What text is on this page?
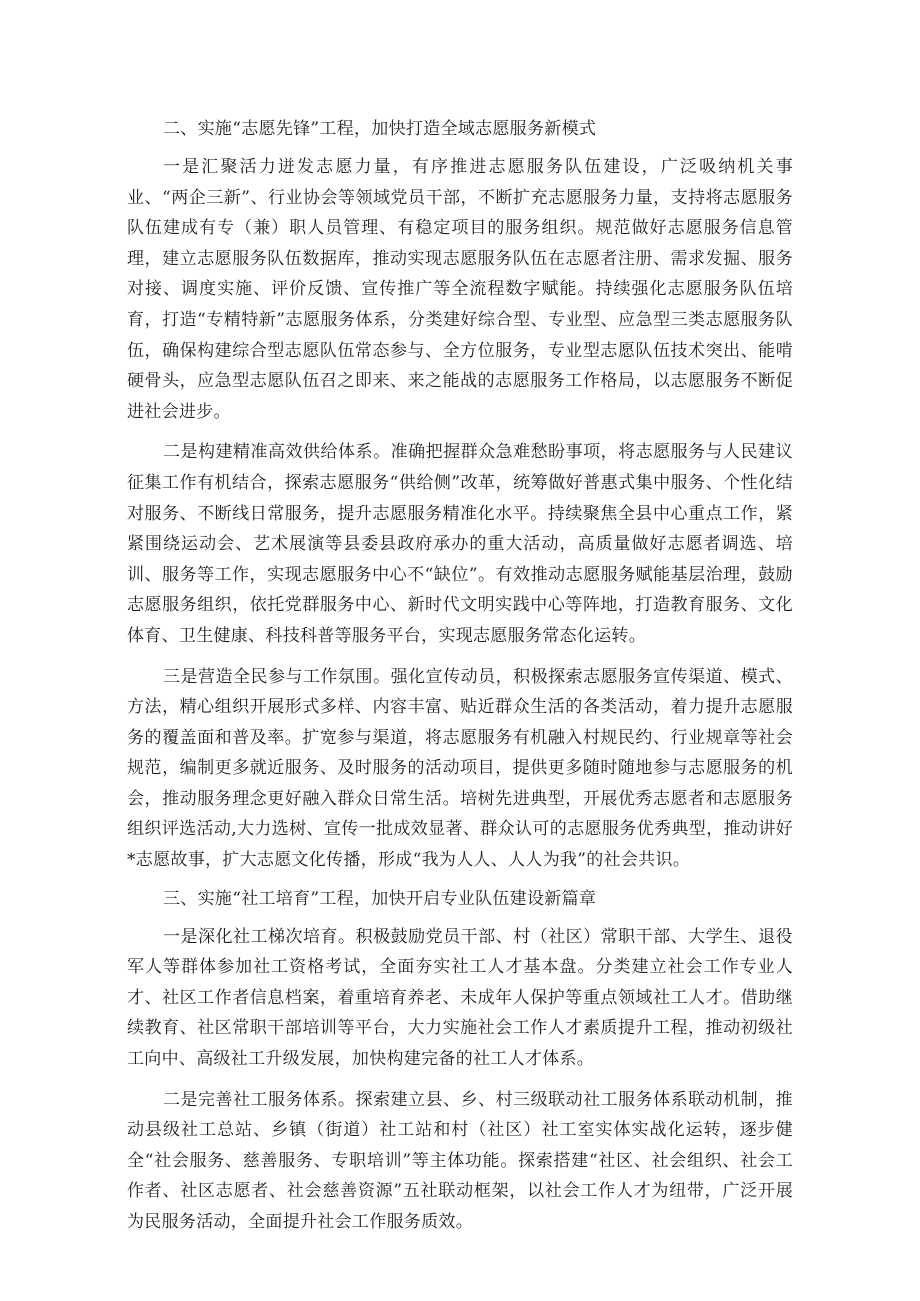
二、实施“志愿先锋”工程，加快打造全域志愿服务新模式

一是汇聚活力迸发志愿力量，有序推进志愿服务队伍建设，广泛吸纳机关事业、“两企三新”、行业协会等领域党员干部，不断扩充志愿服务力量，支持将志愿服务队伍建成有专（兼）职人员管理、有稳定项目的服务组织。规范做好志愿服务信息管理，建立志愿服务队伍数据库，推动实现志愿服务队伍在志愿者注册、需求发掘、服务对接、调度实施、评价反馈、宣传推广等全流程数字赋能。持续强化志愿服务队伍培育，打造“专精特新”志愿服务体系，分类建好综合型、专业型、应急型三类志愿服务队伍，确保构建综合型志愿队伍常态参与、全方位服务，专业型志愿队伍技术突出、能啃硬骨头，应急型志愿队伍召之即来、来之能战的志愿服务工作格局，以志愿服务不断促进社会进步。

二是构建精准高效供给体系。准确把握群众急难愁盼事项，将志愿服务与人民建议征集工作有机结合，探索志愿服务“供给侧”改革，统筹做好普惠式集中服务、个性化结对服务、不断线日常服务，提升志愿服务精准化水平。持续聚焦全县中心重点工作，紧紧围绕运动会、艺术展演等县委县政府承办的重大活动，高质量做好志愿者调选、培训、服务等工作，实现志愿服务中心不“缺位”。有效推动志愿服务赋能基层治理，鼓励志愿服务组织，依托党群服务中心、新时代文明实践中心等阵地，打造教育服务、文化体育、卫生健康、科技科普等服务平台，实现志愿服务常态化运转。

三是营造全民参与工作氛围。强化宣传动员，积极探索志愿服务宣传渠道、模式、方法，精心组织开展形式多样、内容丰富、贴近群众生活的各类活动，着力提升志愿服务的覆盖面和普及率。扩宽参与渠道，将志愿服务有机融入村规民约、行业规章等社会规范，编制更多就近服务、及时服务的活动项目，提供更多随时随地参与志愿服务的机会，推动服务理念更好融入群众日常生活。培树先进典型，开展优秀志愿者和志愿服务组织评选活动,大力选树、宣传一批成效显著、群众认可的志愿服务优秀典型，推动讲好*志愿故事，扩大志愿文化传播，形成“我为人人、人人为我”的社会共识。

三、实施“社工培育”工程，加快开启专业队伍建设新篇章

一是深化社工梯次培育。积极鼓励党员干部、村（社区）常职干部、大学生、退役军人等群体参加社工资格考试，全面夯实社工人才基本盘。分类建立社会工作专业人才、社区工作者信息档案，着重培育养老、未成年人保护等重点领域社工人才。借助继续教育、社区常职干部培训等平台，大力实施社会工作人才素质提升工程，推动初级社工向中、高级社工升级发展，加快构建完备的社工人才体系。

二是完善社工服务体系。探索建立县、乡、村三级联动社工服务体系联动机制，推动县级社工总站、乡镇（街道）社工站和村（社区）社工室实体实战化运转，逐步健全“社会服务、慈善服务、专职培训”等主体功能。探索搭建“社区、社会组织、社会工作者、社区志愿者、社会慈善资源”五社联动框架，以社会工作人才为纽带，广泛开展为民服务活动，全面提升社会工作服务质效。
